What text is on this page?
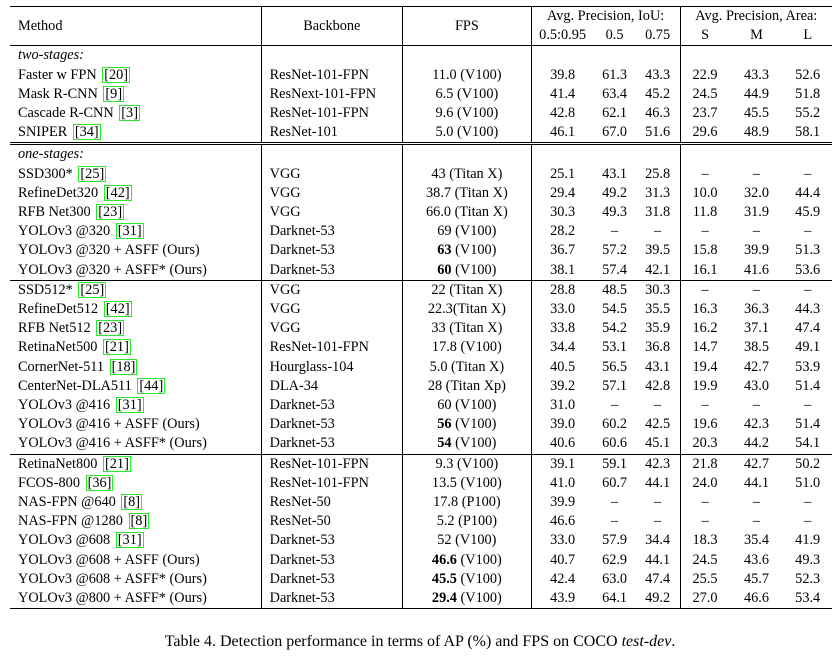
Method	Backbone	FPS	Avg. Precision, IoU:			Avg. Precision, Area:		
			0.5:0.95	0.5	0.75	S	M	L
two-stages:								
Faster w FPN [20]	ResNet-101-FPN	11.0 (V100)	39.8	61.3	43.3	22.9	43.3	52.6
Mask R-CNN [9]	ResNext-101-FPN	6.5 (V100)	41.4	63.4	45.2	24.5	44.9	51.8
Cascade R-CNN [3]	ResNet-101-FPN	9.6 (V100)	42.8	62.1	46.3	23.7	45.5	55.2
SNIPER [34]	ResNet-101	5.0 (V100)	46.1	67.0	51.6	29.6	48.9	58.1
one-stages:								
SSD300* [25]	VGG	43 (Titan X)	25.1	43.1	25.8	–	–	–
RefineDet320 [42]	VGG	38.7 (Titan X)	29.4	49.2	31.3	10.0	32.0	44.4
RFB Net300 [23]	VGG	66.0 (Titan X)	30.3	49.3	31.8	11.8	31.9	45.9
YOLOv3 @320 [31]	Darknet-53	69 (V100)	28.2	–	–	–	–	–
YOLOv3 @320 + ASFF (Ours)	Darknet-53	63 (V100)	36.7	57.2	39.5	15.8	39.9	51.3
YOLOv3 @320 + ASFF* (Ours)	Darknet-53	60 (V100)	38.1	57.4	42.1	16.1	41.6	53.6
SSD512* [25]	VGG	22 (Titan X)	28.8	48.5	30.3	–	–	–
RefineDet512 [42]	VGG	22.3(Titan X)	33.0	54.5	35.5	16.3	36.3	44.3
RFB Net512 [23]	VGG	33 (Titan X)	33.8	54.2	35.9	16.2	37.1	47.4
RetinaNet500 [21]	ResNet-101-FPN	17.8 (V100)	34.4	53.1	36.8	14.7	38.5	49.1
CornerNet-511 [18]	Hourglass-104	5.0 (Titan X)	40.5	56.5	43.1	19.4	42.7	53.9
CenterNet-DLA511 [44]	DLA-34	28 (Titan Xp)	39.2	57.1	42.8	19.9	43.0	51.4
YOLOv3 @416 [31]	Darknet-53	60 (V100)	31.0	–	–	–	–	–
YOLOv3 @416 + ASFF (Ours)	Darknet-53	56 (V100)	39.0	60.2	42.5	19.6	42.3	51.4
YOLOv3 @416 + ASFF* (Ours)	Darknet-53	54 (V100)	40.6	60.6	45.1	20.3	44.2	54.1
RetinaNet800 [21]	ResNet-101-FPN	9.3 (V100)	39.1	59.1	42.3	21.8	42.7	50.2
FCOS-800 [36]	ResNet-101-FPN	13.5 (V100)	41.0	60.7	44.1	24.0	44.1	51.0
NAS-FPN @640 [8]	ResNet-50	17.8 (P100)	39.9	–	–	–	–	–
NAS-FPN @1280 [8]	ResNet-50	5.2 (P100)	46.6	–	–	–	–	–
YOLOv3 @608 [31]	Darknet-53	52 (V100)	33.0	57.9	34.4	18.3	35.4	41.9
YOLOv3 @608 + ASFF (Ours)	Darknet-53	46.6 (V100)	40.7	62.9	44.1	24.5	43.6	49.3
YOLOv3 @608 + ASFF* (Ours)	Darknet-53	45.5 (V100)	42.4	63.0	47.4	25.5	45.7	52.3
YOLOv3 @800 + ASFF* (Ours)	Darknet-53	29.4 (V100)	43.9	64.1	49.2	27.0	46.6	53.4
Table 4. Detection performance in terms of AP (%) and FPS on COCO test-dev.
